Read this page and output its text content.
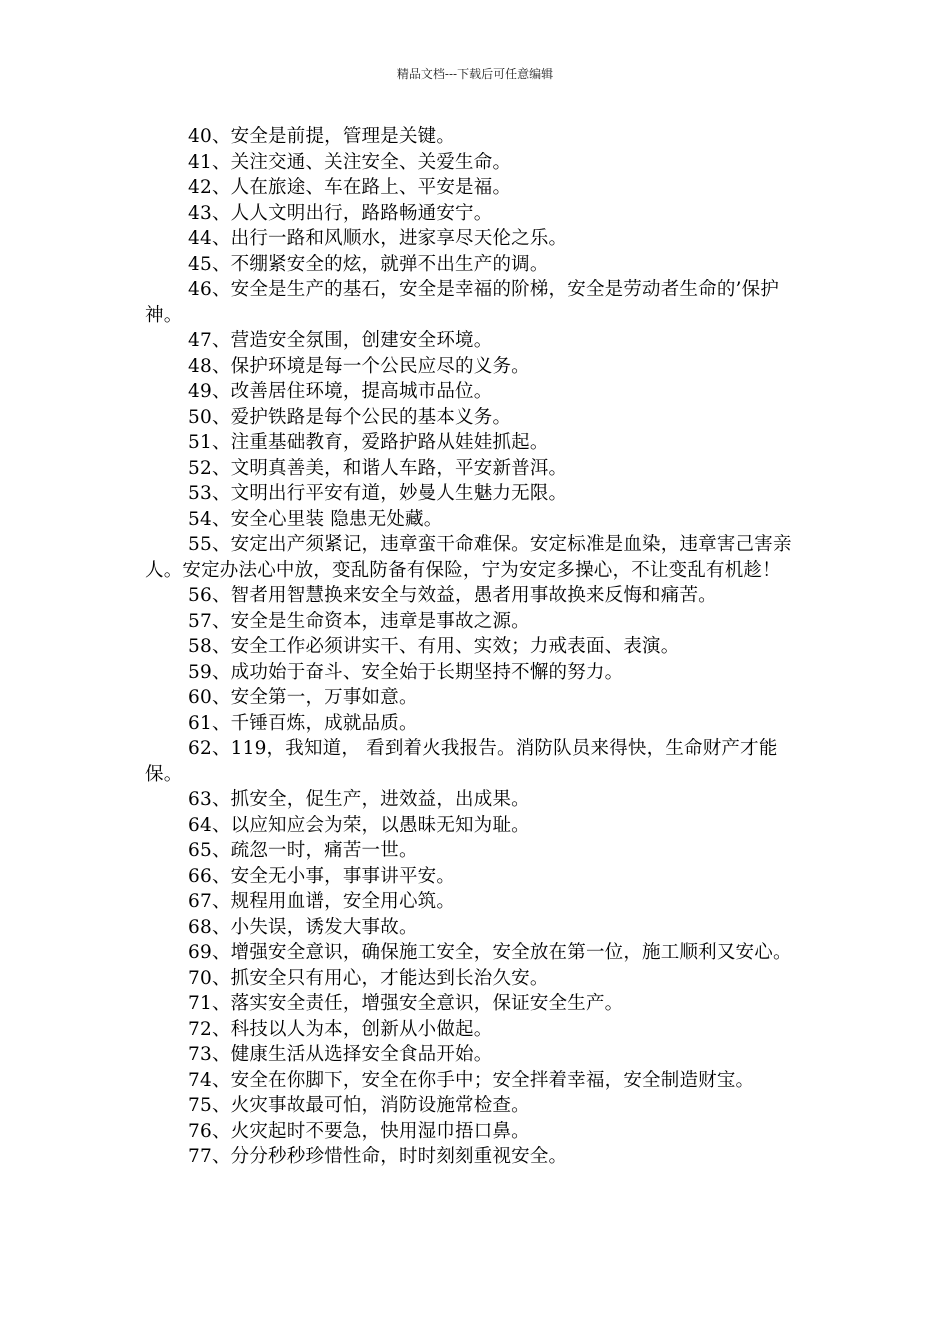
精品文档---下载后可任意编辑

40、安全是前提，管理是关键。

41、关注交通、关注安全、关爱生命。

42、人在旅途、车在路上、平安是福。

43、人人文明出行，路路畅通安宁。

44、出行一路和风顺水，进家享尽天伦之乐。

45、不绷紧安全的炫，就弹不出生产的调。

46、安全是生产的基石，安全是幸福的阶梯，安全是劳动者生命的’保护神。

47、营造安全氛围，创建安全环境。

48、保护环境是每一个公民应尽的义务。

49、改善居住环境，提高城市品位。

50、爱护铁路是每个公民的基本义务。

51、注重基础教育，爱路护路从娃娃抓起。

52、文明真善美，和谐人车路，平安新普洱。

53、文明出行平安有道，妙曼人生魅力无限。

54、安全心里装 隐患无处藏。

55、安定出产须紧记，违章蛮干命难保。安定标准是血染，违章害己害亲人。安定办法心中放，变乱防备有保险，宁为安定多操心，不让变乱有机趁！

56、智者用智慧换来安全与效益，愚者用事故换来反悔和痛苦。

57、安全是生命资本，违章是事故之源。

58、安全工作必须讲实干、有用、实效；力戒表面、表演。

59、成功始于奋斗、安全始于长期坚持不懈的努力。

60、安全第一，万事如意。

61、千锤百炼，成就品质。

62、119，我知道， 看到着火我报告。消防队员来得快，生命财产才能保。

63、抓安全，促生产，进效益，出成果。

64、以应知应会为荣，以愚昧无知为耻。

65、疏忽一时，痛苦一世。

66、安全无小事，事事讲平安。

67、规程用血谱，安全用心筑。

68、小失误，诱发大事故。

69、增强安全意识，确保施工安全，安全放在第一位，施工顺利又安心。

70、抓安全只有用心，才能达到长治久安。

71、落实安全责任，增强安全意识，保证安全生产。

72、科技以人为本，创新从小做起。

73、健康生活从选择安全食品开始。

74、安全在你脚下，安全在你手中；安全拌着幸福，安全制造财宝。

75、火灾事故最可怕，消防设施常检查。

76、火灾起时不要急，快用湿巾捂口鼻。

77、分分秒秒珍惜性命，时时刻刻重视安全。
